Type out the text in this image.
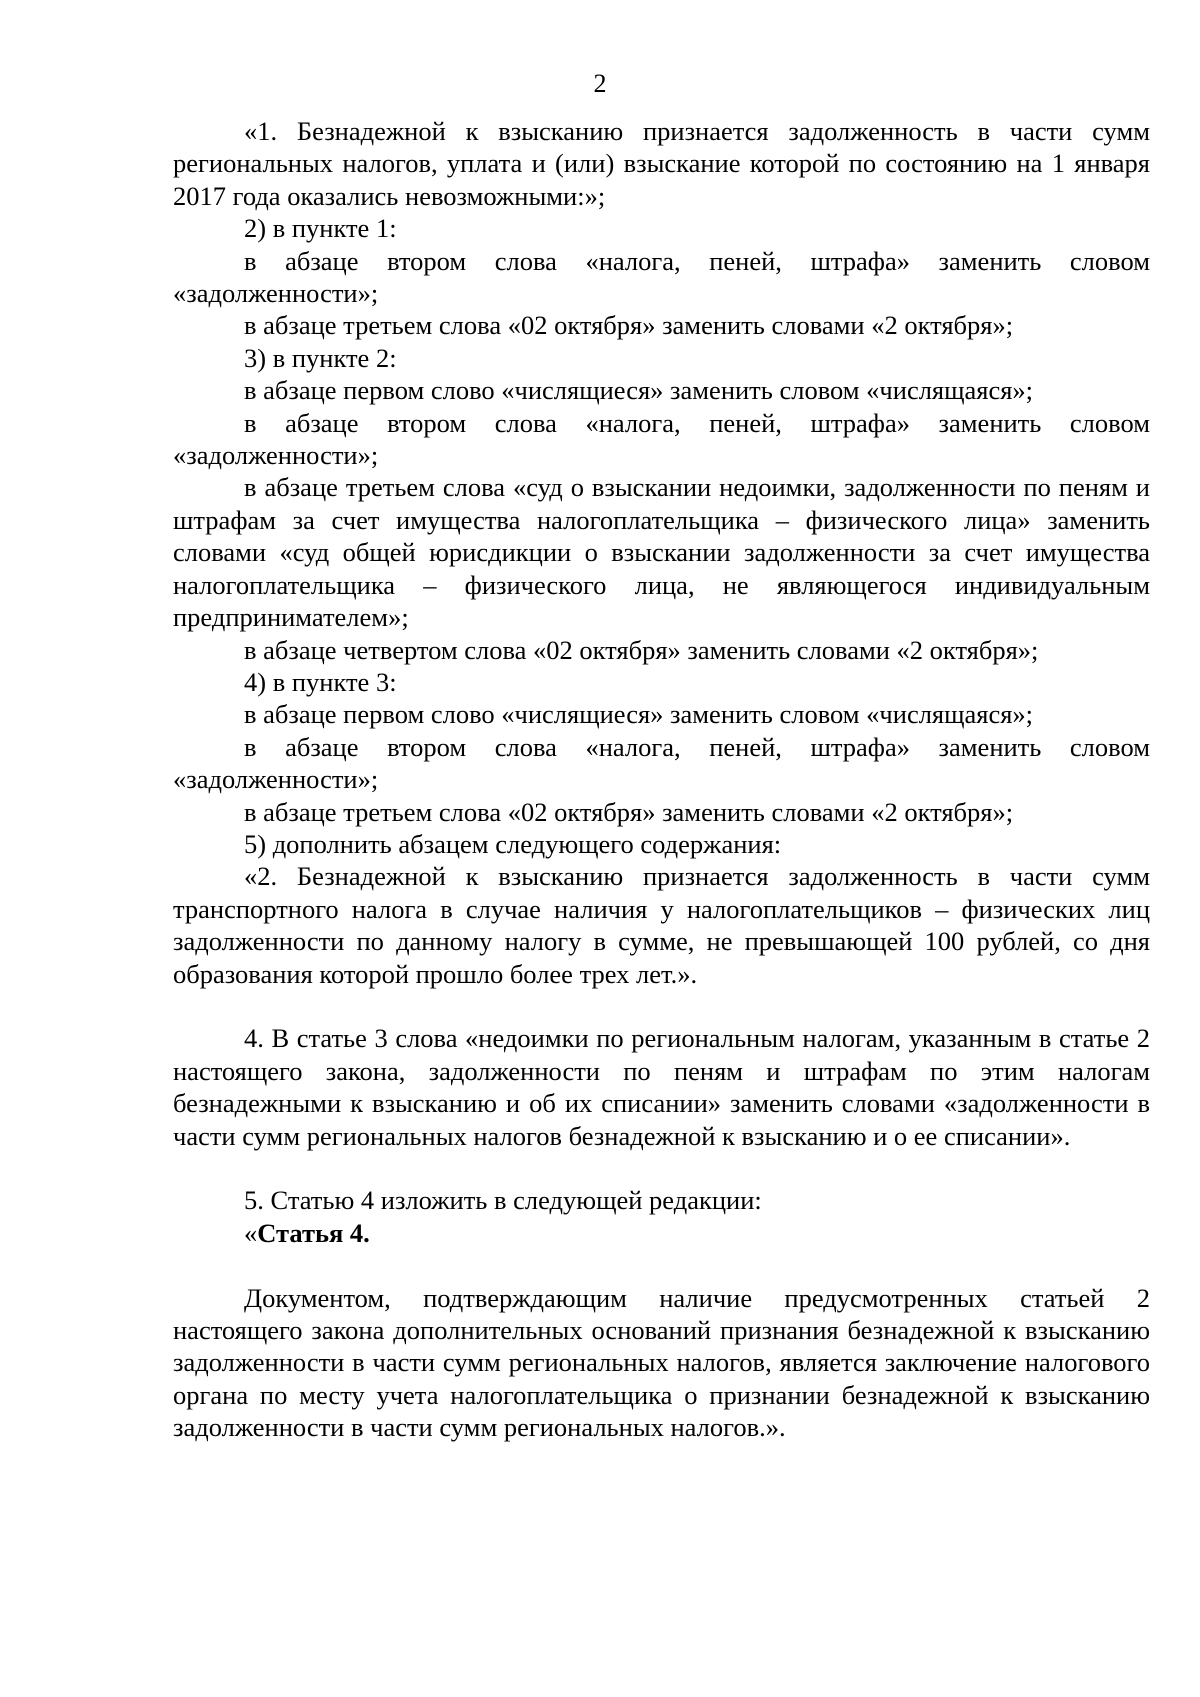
2

«1. Безнадежной к взысканию признается задолженность в части сумм региональных налогов, уплата и (или) взыскание которой по состоянию на 1 января 2017 года оказались невозможными:»;

2) в пункте 1:

в абзаце втором слова «налога, пеней, штрафа» заменить словом «задолженности»;

в абзаце третьем слова «02 октября» заменить словами «2 октября»;

3) в пункте 2:

в абзаце первом слово «числящиеся» заменить словом «числящаяся»;

в абзаце втором слова «налога, пеней, штрафа» заменить словом «задолженности»;

в абзаце третьем слова «суд о взыскании недоимки, задолженности по пеням и штрафам за счет имущества налогоплательщика – физического лица» заменить словами «суд общей юрисдикции о взыскании задолженности за счет имущества налогоплательщика – физического лица, не являющегося индивидуальным предпринимателем»;

в абзаце четвертом слова «02 октября» заменить словами «2 октября»;

4) в пункте 3:

в абзаце первом слово «числящиеся» заменить словом «числящаяся»;

в абзаце втором слова «налога, пеней, штрафа» заменить словом «задолженности»;

в абзаце третьем слова «02 октября» заменить словами «2 октября»;

5) дополнить абзацем следующего содержания:

«2. Безнадежной к взысканию признается задолженность в части сумм транспортного налога в случае наличия у налогоплательщиков – физических лиц задолженности по данному налогу в сумме, не превышающей 100 рублей, со дня образования которой прошло более трех лет.».

4. В статье 3 слова «недоимки по региональным налогам, указанным в статье 2 настоящего закона, задолженности по пеням и штрафам по этим налогам безнадежными к взысканию и об их списании» заменить словами «задолженности в части сумм региональных налогов безнадежной к взысканию и о ее списании».

5. Статью 4 изложить в следующей редакции:

«Статья 4.

Документом, подтверждающим наличие предусмотренных статьей 2 настоящего закона дополнительных оснований признания безнадежной к взысканию задолженности в части сумм региональных налогов, является заключение налогового органа по месту учета налогоплательщика о признании безнадежной к взысканию задолженности в части сумм региональных налогов.».
